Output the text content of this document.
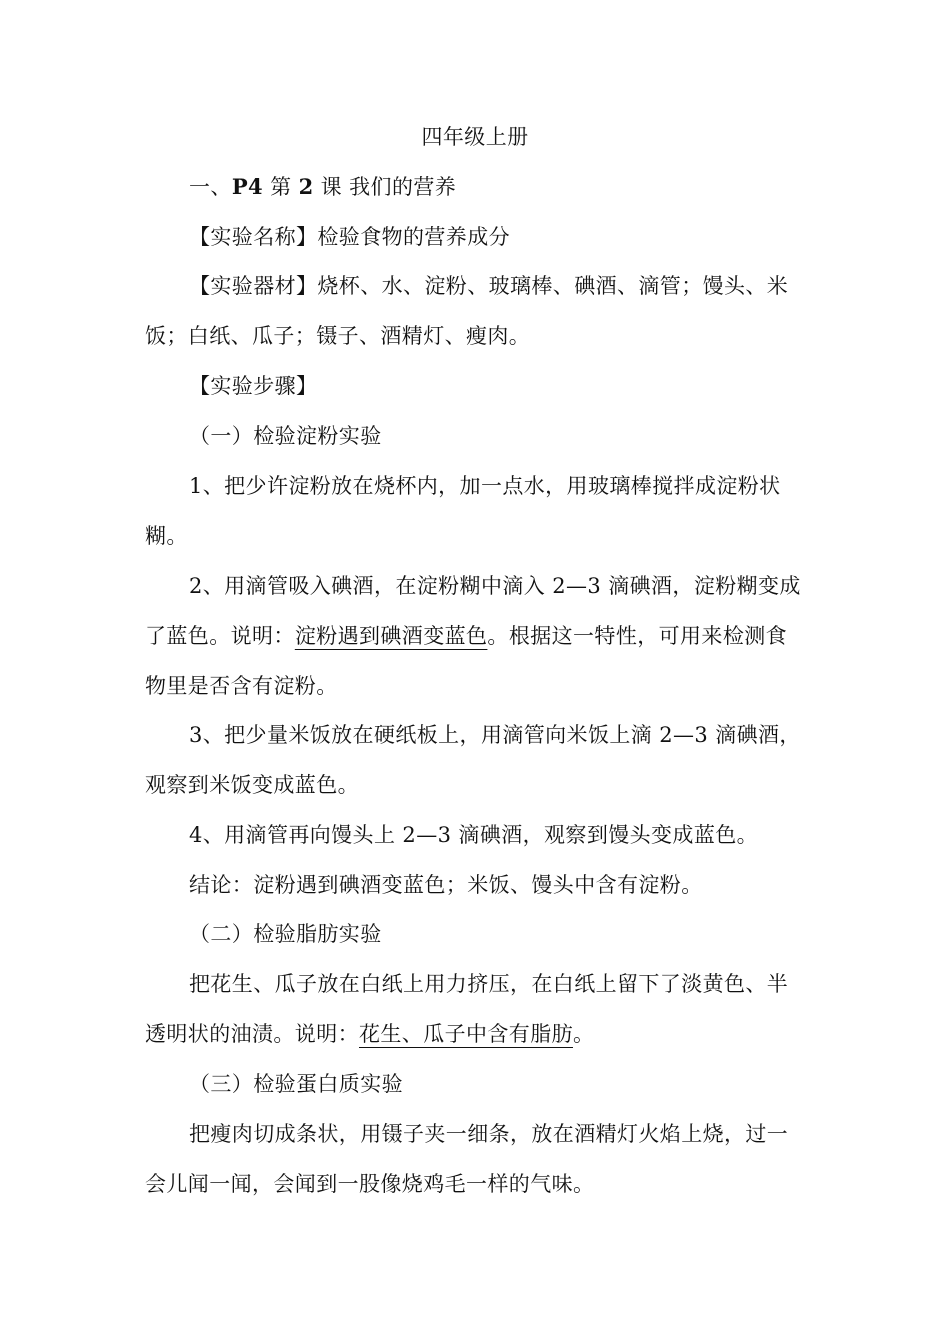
四年级上册
一、P4 第 2 课 我们的营养
【实验名称】检验食物的营养成分
【实验器材】烧杯、水、淀粉、玻璃棒、碘酒、滴管；馒头、米
饭；白纸、瓜子；镊子、酒精灯、瘦肉。
【实验步骤】
（一）检验淀粉实验
1、把少许淀粉放在烧杯内，加一点水，用玻璃棒搅拌成淀粉状
糊。
2、用滴管吸入碘酒，在淀粉糊中滴入 2—3 滴碘酒，淀粉糊变成
了蓝色。说明：淀粉遇到碘酒变蓝色。根据这一特性，可用来检测食
物里是否含有淀粉。
3、把少量米饭放在硬纸板上，用滴管向米饭上滴 2—3 滴碘酒，
观察到米饭变成蓝色。
4、用滴管再向馒头上 2—3 滴碘酒，观察到馒头变成蓝色。
结论：淀粉遇到碘酒变蓝色；米饭、馒头中含有淀粉。
（二）检验脂肪实验
把花生、瓜子放在白纸上用力挤压，在白纸上留下了淡黄色、半
透明状的油渍。说明：花生、瓜子中含有脂肪。
（三）检验蛋白质实验
把瘦肉切成条状，用镊子夹一细条，放在酒精灯火焰上烧，过一
会儿闻一闻，会闻到一股像烧鸡毛一样的气味。
